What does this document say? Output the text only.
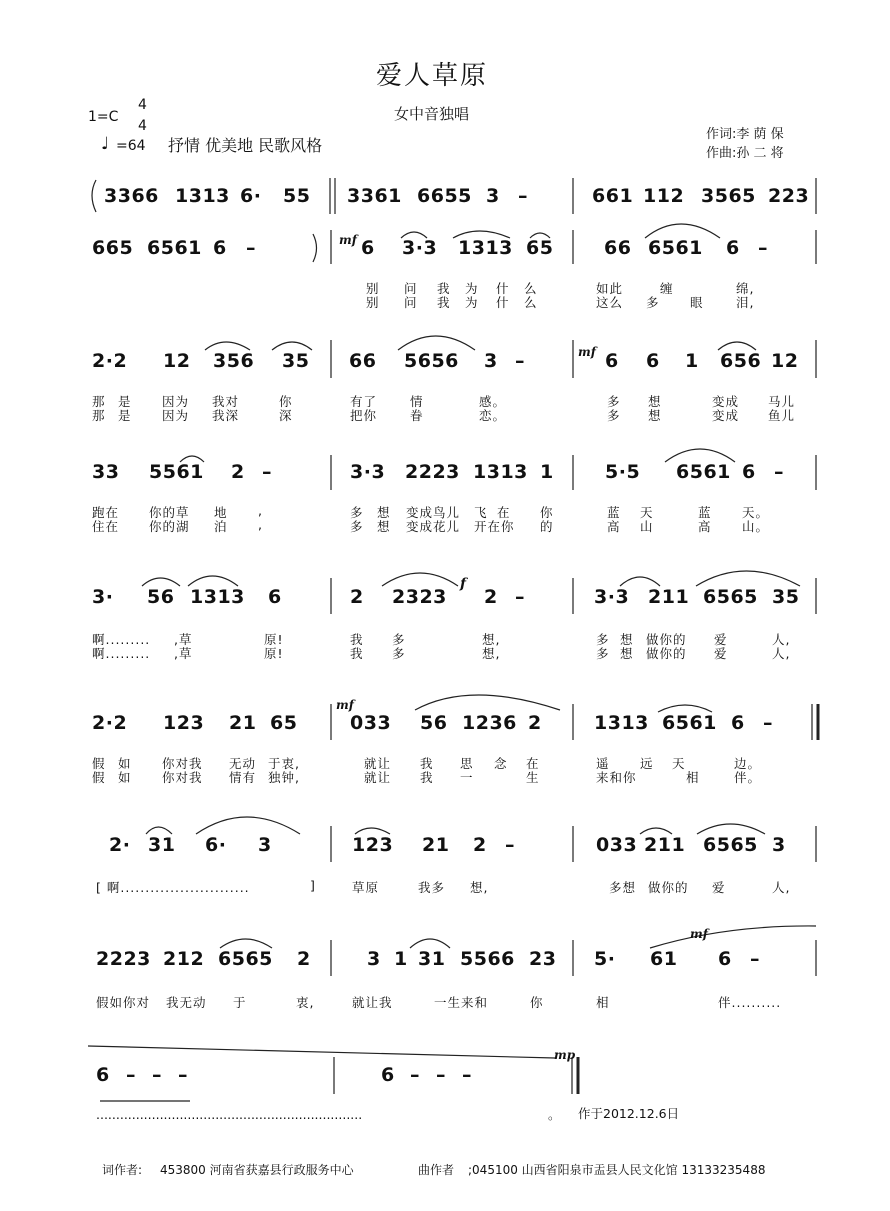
爱人草原
女中音独唱
1=C
4
4
♩ =64 抒情 优美地 民歌风格
作词:李 荫 保
作曲:孙 二 将
mf
mf
mf
f
mf
mp
3366 1313 6· 55 3361 6655 3 –	661 112 3565 223
665 6561 6 –	6 3·3 1313 65	66 6561 6 –
别 问 我 为 什 么	如此	缠	绵,
别 问 我 为 什 么	这么 多 眼	泪,
2·2 12 356 35 66 5656 3 –	6 6 1 656 12
那 是 因为 我对	你	有了	情	感。	多 想	变成 马儿
那 是 因为 我深	深	把你	眷	恋。	多 想	变成 鱼儿
33 5561 2 –	3·3 2223 1313 1	5·5 6561 6 –
跑在 你的草 地 ,	多 想 变成鸟儿 飞 在 你	蓝 天	蓝 天。
住在 你的湖 泊 ,	多 想 变成花儿 开在你 的	高 山	高 山。
3· 56 1313 6	2 2323 2 –	3·3 211 6565 35
啊......... ,草	原!	我 多	想,	多 想 做你的 爱	人,
啊......... ,草	原!	我 多	想,	多 想 做你的 爱	人,
2·2 123 21 65	033 56 1236 2	1313 6561 6 –
假 如 你对我 无动 于衷,	就让 我 思 念 在	遥 远 天	边。
假 如 你对我 情有 独钟,	就让 我 一	生	来和你	相	伴。
2· 31 6· 3	123 21 2 –	033 211 6565 3
[ 啊..........................	]	草原	我多 想,	多想 做你的 爱	人,
2223 212 6565 2	3 1 31 5566 23 5· 61 6 –
假如你对 我无动 于	衷,	就让我	一生来和	你	相	伴..........
6 – – –	6 – – –
...................................................................	。 作于2012.12.6日
词作者: 453800 河南省获嘉县行政服务中心	曲作者 ;045100 山西省阳泉市盂县人民文化馆 13133235488
